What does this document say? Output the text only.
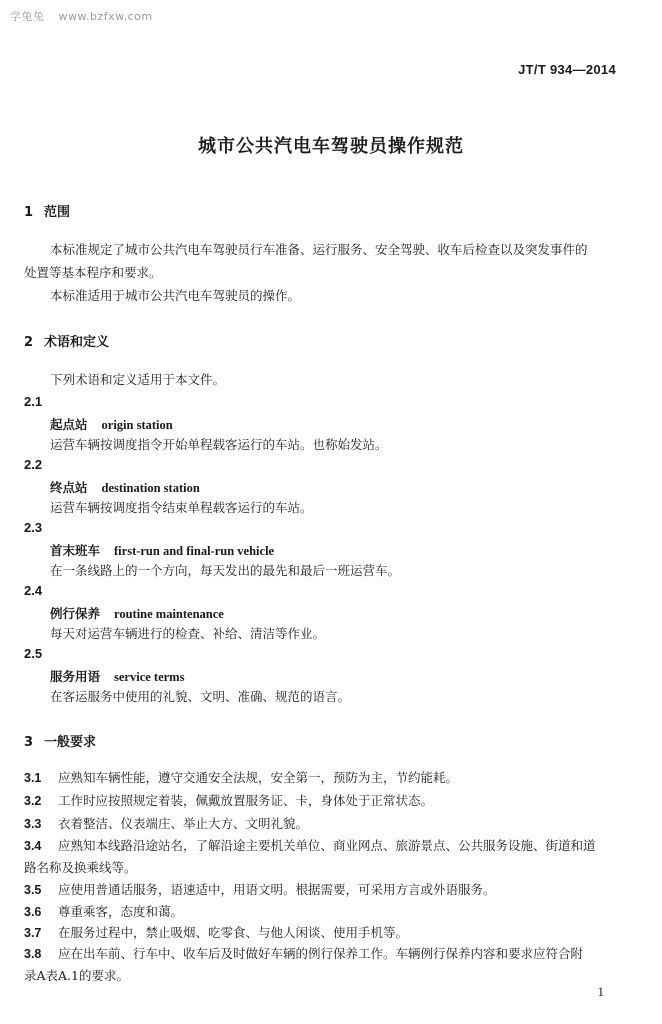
学兔兔 www.bzfxw.com
JT/T 934—2014
城市公共汽电车驾驶员操作规范
1 范围
本标准规定了城市公共汽电车驾驶员行车准备、运行服务、安全驾驶、收车后检查以及突发事件的
处置等基本程序和要求。
本标准适用于城市公共汽电车驾驶员的操作。
2 术语和定义
下列术语和定义适用于本文件。
2.1
起点站 origin station
运营车辆按调度指令开始单程载客运行的车站。也称始发站。
2.2
终点站 destination station
运营车辆按调度指令结束单程载客运行的车站。
2.3
首末班车 first-run and final-run vehicle
在一条线路上的一个方向，每天发出的最先和最后一班运营车。
2.4
例行保养 routine maintenance
每天对运营车辆进行的检查、补给、清洁等作业。
2.5
服务用语 service terms
在客运服务中使用的礼貌、文明、准确、规范的语言。
3 一般要求
3.1 应熟知车辆性能，遵守交通安全法规，安全第一，预防为主，节约能耗。
3.2 工作时应按照规定着装，佩戴放置服务证、卡，身体处于正常状态。
3.3 衣着整洁、仪表端庄、举止大方、文明礼貌。
3.4 应熟知本线路沿途站名，了解沿途主要机关单位、商业网点、旅游景点、公共服务设施、街道和道
路名称及换乘线等。
3.5 应使用普通话服务，语速适中，用语文明。根据需要，可采用方言或外语服务。
3.6 尊重乘客，态度和蔼。
3.7 在服务过程中，禁止吸烟、吃零食、与他人闲谈、使用手机等。
3.8 应在出车前、行车中、收车后及时做好车辆的例行保养工作。车辆例行保养内容和要求应符合附
录A表A.1的要求。
1
